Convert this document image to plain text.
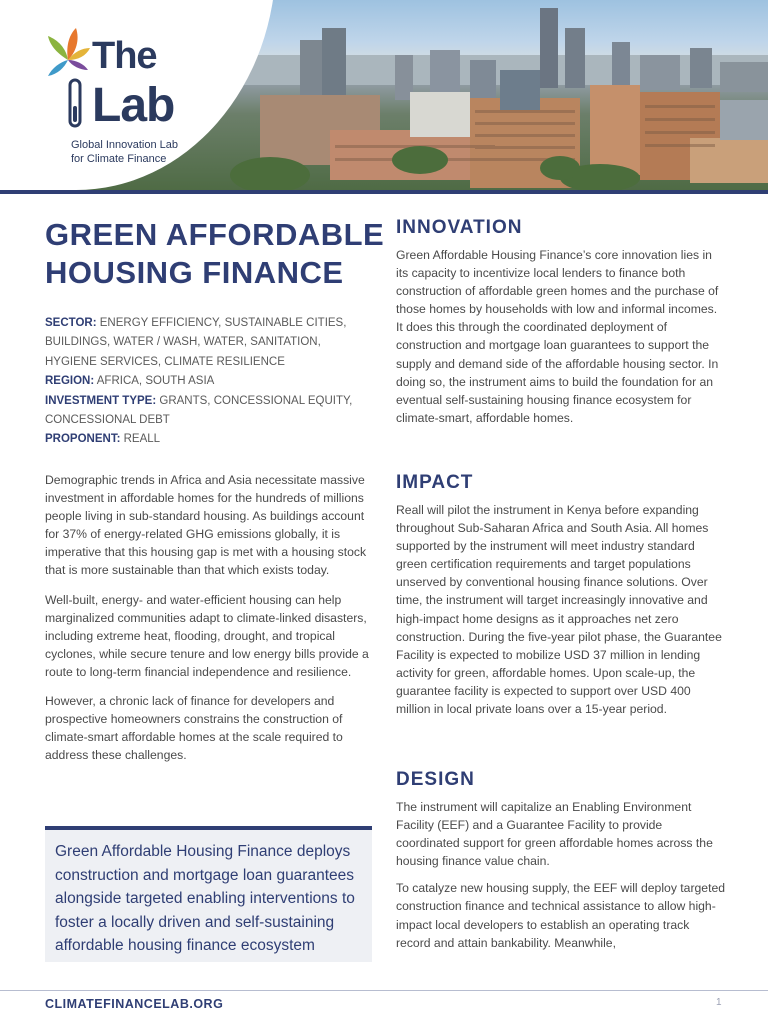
The
Lab
Global Innovation Lab
for Climate Finance
GREEN AFFORDABLE
HOUSING FINANCE

SECTOR: ENERGY EFFICIENCY, SUSTAINABLE CITIES, BUILDINGS, WATER / WASH, WATER, SANITATION, HYGIENE SERVICES, CLIMATE RESILIENCE

REGION: AFRICA, SOUTH ASIA

INVESTMENT TYPE: GRANTS, CONCESSIONAL EQUITY, CONCESSIONAL DEBT

PROPONENT: REALL

Demographic trends in Africa and Asia necessitate massive investment in affordable homes for the hundreds of millions people living in sub-standard housing. As buildings account for 37% of energy-related GHG emissions globally, it is imperative that this housing gap is met with a housing stock that is more sustainable than that which exists today.

Well-built, energy- and water-efficient housing can help marginalized communities adapt to climate-linked disasters, including extreme heat, flooding, drought, and tropical cyclones, while secure tenure and low energy bills provide a route to long-term financial independence and resilience.

However, a chronic lack of finance for developers and prospective homeowners constrains the construction of climate-smart affordable homes at the scale required to address these challenges.

Green Affordable Housing Finance deploys construction and mortgage loan guarantees alongside targeted enabling interventions to foster a locally driven and self-sustaining affordable housing finance ecosystem
INNOVATION

Green Affordable Housing Finance’s core innovation lies in its capacity to incentivize local lenders to finance both construction of affordable green homes and the purchase of those homes by households with low and informal incomes. It does this through the coordinated deployment of construction and mortgage loan guarantees to support the supply and demand side of the affordable housing sector. In doing so, the instrument aims to build the foundation for an eventual self-sustaining housing finance ecosystem for climate-smart, affordable homes.

IMPACT

Reall will pilot the instrument in Kenya before expanding throughout Sub-Saharan Africa and South Asia. All homes supported by the instrument will meet industry standard green certification requirements and target populations unserved by conventional housing finance solutions. Over time, the instrument will target increasingly innovative and high-impact home designs as it approaches net zero construction. During the five-year pilot phase, the Guarantee Facility is expected to mobilize USD 37 million in lending activity for green, affordable homes. Upon scale-up, the guarantee facility is expected to support over USD 400 million in local private loans over a 15-year period.

DESIGN

The instrument will capitalize an Enabling Environment Facility (EEF) and a Guarantee Facility to provide coordinated support for green affordable homes across the housing finance value chain.

To catalyze new housing supply, the EEF will deploy targeted construction finance and technical assistance to allow high-impact local developers to establish an operating track record and attain bankability. Meanwhile,

CLIMATEFINANCELAB.ORG	1
